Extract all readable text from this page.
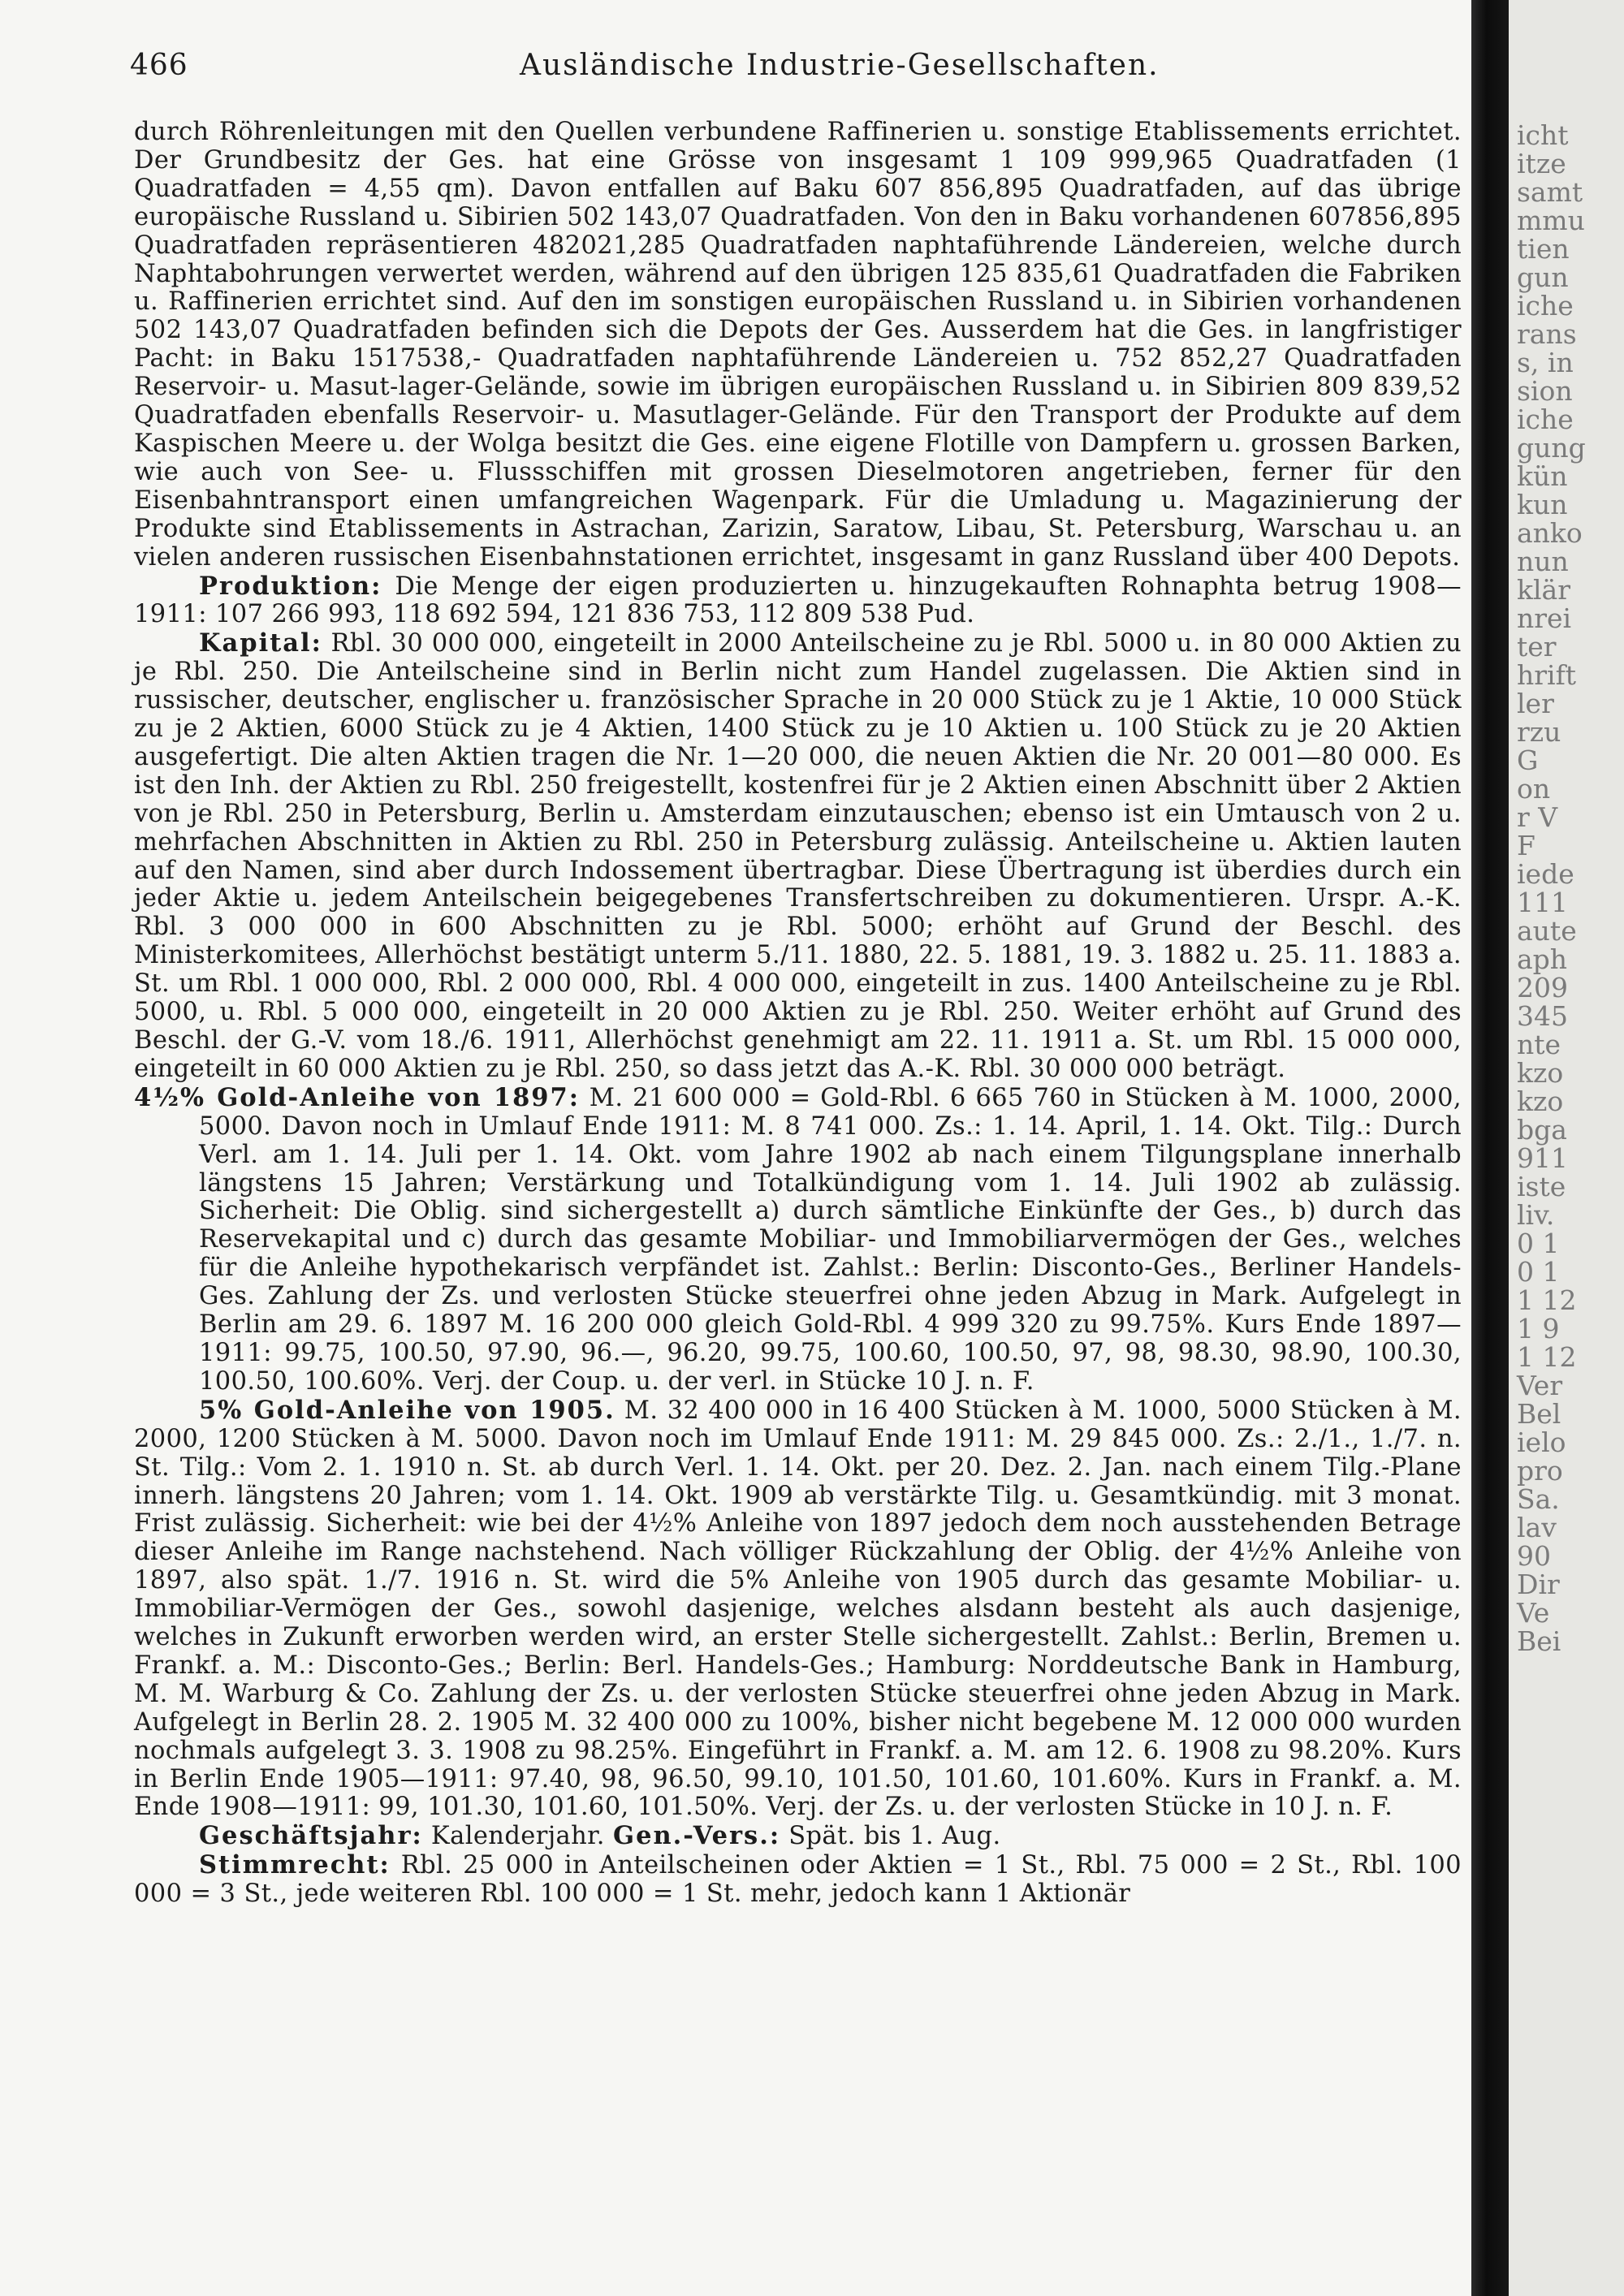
466	Ausländische Industrie-Gesellschaften.

durch Röhrenleitungen mit den Quellen verbundene Raffinerien u. sonstige Etablissements errichtet. Der Grundbesitz der Ges. hat eine Grösse von insgesamt 1 109 999,965 Quadratfaden (1 Quadratfaden = 4,55 qm). Davon entfallen auf Baku 607 856,895 Quadratfaden, auf das übrige europäische Russland u. Sibirien 502 143,07 Quadratfaden. Von den in Baku vorhandenen 607856,895 Quadratfaden repräsentieren 482021,285 Quadratfaden naphtaführende Ländereien, welche durch Naphtabohrungen verwertet werden, während auf den übrigen 125 835,61 Quadratfaden die Fabriken u. Raffinerien errichtet sind. Auf den im sonstigen europäischen Russland u. in Sibirien vorhandenen 502 143,07 Quadratfaden befinden sich die Depots der Ges. Ausserdem hat die Ges. in langfristiger Pacht: in Baku 1517538,- Quadratfaden naphtaführende Ländereien u. 752 852,27 Quadratfaden Reservoir- u. Masut-lager-Gelände, sowie im übrigen europäischen Russland u. in Sibirien 809 839,52 Quadratfaden ebenfalls Reservoir- u. Masutlager-Gelände. Für den Transport der Produkte auf dem Kaspischen Meere u. der Wolga besitzt die Ges. eine eigene Flotille von Dampfern u. grossen Barken, wie auch von See- u. Flussschiffen mit grossen Dieselmotoren angetrieben, ferner für den Eisenbahntransport einen umfangreichen Wagenpark. Für die Umladung u. Magazinierung der Produkte sind Etablissements in Astrachan, Zarizin, Saratow, Libau, St. Petersburg, Warschau u. an vielen anderen russischen Eisenbahnstationen errichtet, insgesamt in ganz Russland über 400 Depots.

Produktion: Die Menge der eigen produzierten u. hinzugekauften Rohnaphta betrug 1908—1911: 107 266 993, 118 692 594, 121 836 753, 112 809 538 Pud.

Kapital: Rbl. 30 000 000, eingeteilt in 2000 Anteilscheine zu je Rbl. 5000 u. in 80 000 Aktien zu je Rbl. 250. Die Anteilscheine sind in Berlin nicht zum Handel zugelassen. Die Aktien sind in russischer, deutscher, englischer u. französischer Sprache in 20 000 Stück zu je 1 Aktie, 10 000 Stück zu je 2 Aktien, 6000 Stück zu je 4 Aktien, 1400 Stück zu je 10 Aktien u. 100 Stück zu je 20 Aktien ausgefertigt. Die alten Aktien tragen die Nr. 1—20 000, die neuen Aktien die Nr. 20 001—80 000. Es ist den Inh. der Aktien zu Rbl. 250 freigestellt, kostenfrei für je 2 Aktien einen Abschnitt über 2 Aktien von je Rbl. 250 in Petersburg, Berlin u. Amsterdam einzutauschen; ebenso ist ein Umtausch von 2 u. mehrfachen Abschnitten in Aktien zu Rbl. 250 in Petersburg zulässig. Anteilscheine u. Aktien lauten auf den Namen, sind aber durch Indossement übertragbar. Diese Übertragung ist überdies durch ein jeder Aktie u. jedem Anteilschein beigegebenes Transfertschreiben zu dokumentieren. Urspr. A.-K. Rbl. 3 000 000 in 600 Abschnitten zu je Rbl. 5000; erhöht auf Grund der Beschl. des Ministerkomitees, Allerhöchst bestätigt unterm 5./11. 1880, 22. 5. 1881, 19. 3. 1882 u. 25. 11. 1883 a. St. um Rbl. 1 000 000, Rbl. 2 000 000, Rbl. 4 000 000, eingeteilt in zus. 1400 Anteilscheine zu je Rbl. 5000, u. Rbl. 5 000 000, eingeteilt in 20 000 Aktien zu je Rbl. 250. Weiter erhöht auf Grund des Beschl. der G.-V. vom 18./6. 1911, Allerhöchst genehmigt am 22. 11. 1911 a. St. um Rbl. 15 000 000, eingeteilt in 60 000 Aktien zu je Rbl. 250, so dass jetzt das A.-K. Rbl. 30 000 000 beträgt.

4½% Gold-Anleihe von 1897: M. 21 600 000 = Gold-Rbl. 6 665 760 in Stücken à M. 1000, 2000, 5000. Davon noch in Umlauf Ende 1911: M. 8 741 000. Zs.: 1. 14. April, 1. 14. Okt. Tilg.: Durch Verl. am 1. 14. Juli per 1. 14. Okt. vom Jahre 1902 ab nach einem Tilgungsplane innerhalb längstens 15 Jahren; Verstärkung und Totalkündigung vom 1. 14. Juli 1902 ab zulässig. Sicherheit: Die Oblig. sind sichergestellt a) durch sämtliche Einkünfte der Ges., b) durch das Reservekapital und c) durch das gesamte Mobiliar- und Immobiliarvermögen der Ges., welches für die Anleihe hypothekarisch verpfändet ist. Zahlst.: Berlin: Disconto-Ges., Berliner Handels-Ges. Zahlung der Zs. und verlosten Stücke steuerfrei ohne jeden Abzug in Mark. Aufgelegt in Berlin am 29. 6. 1897 M. 16 200 000 gleich Gold-Rbl. 4 999 320 zu 99.75%. Kurs Ende 1897—1911: 99.75, 100.50, 97.90, 96.—, 96.20, 99.75, 100.60, 100.50, 97, 98, 98.30, 98.90, 100.30, 100.50, 100.60%. Verj. der Coup. u. der verl. in Stücke 10 J. n. F.

5% Gold-Anleihe von 1905. M. 32 400 000 in 16 400 Stücken à M. 1000, 5000 Stücken à M. 2000, 1200 Stücken à M. 5000. Davon noch im Umlauf Ende 1911: M. 29 845 000. Zs.: 2./1., 1./7. n. St. Tilg.: Vom 2. 1. 1910 n. St. ab durch Verl. 1. 14. Okt. per 20. Dez. 2. Jan. nach einem Tilg.-Plane innerh. längstens 20 Jahren; vom 1. 14. Okt. 1909 ab verstärkte Tilg. u. Gesamtkündig. mit 3 monat. Frist zulässig. Sicherheit: wie bei der 4½% Anleihe von 1897 jedoch dem noch ausstehenden Betrage dieser Anleihe im Range nachstehend. Nach völliger Rückzahlung der Oblig. der 4½% Anleihe von 1897, also spät. 1./7. 1916 n. St. wird die 5% Anleihe von 1905 durch das gesamte Mobiliar- u. Immobiliar-Vermögen der Ges., sowohl dasjenige, welches alsdann besteht als auch dasjenige, welches in Zukunft erworben werden wird, an erster Stelle sichergestellt. Zahlst.: Berlin, Bremen u. Frankf. a. M.: Disconto-Ges.; Berlin: Berl. Handels-Ges.; Hamburg: Norddeutsche Bank in Hamburg, M. M. Warburg & Co. Zahlung der Zs. u. der verlosten Stücke steuerfrei ohne jeden Abzug in Mark. Aufgelegt in Berlin 28. 2. 1905 M. 32 400 000 zu 100%, bisher nicht begebene M. 12 000 000 wurden nochmals aufgelegt 3. 3. 1908 zu 98.25%. Eingeführt in Frankf. a. M. am 12. 6. 1908 zu 98.20%. Kurs in Berlin Ende 1905—1911: 97.40, 98, 96.50, 99.10, 101.50, 101.60, 101.60%. Kurs in Frankf. a. M. Ende 1908—1911: 99, 101.30, 101.60, 101.50%. Verj. der Zs. u. der verlosten Stücke in 10 J. n. F.

Geschäftsjahr: Kalenderjahr. Gen.-Vers.: Spät. bis 1. Aug.

Stimmrecht: Rbl. 25 000 in Anteilscheinen oder Aktien = 1 St., Rbl. 75 000 = 2 St., Rbl. 100 000 = 3 St., jede weiteren Rbl. 100 000 = 1 St. mehr, jedoch kann 1 Aktionär

icht
itze
samt
mmu
tien
gun
iche
rans
s, in
sion
iche
gung
kün
kun
anko
nun
klär
nrei
ter
hrift
ler
rzu
G
on
r V
F
iede
111
aute
aph
209
345
nte
kzo
kzo
bga
911
iste
liv.
0 1
0 1
1 12
1 9
1 12
Ver
Bel
ielo
pro
Sa.
lav
90
Dir
Ve
Bei
